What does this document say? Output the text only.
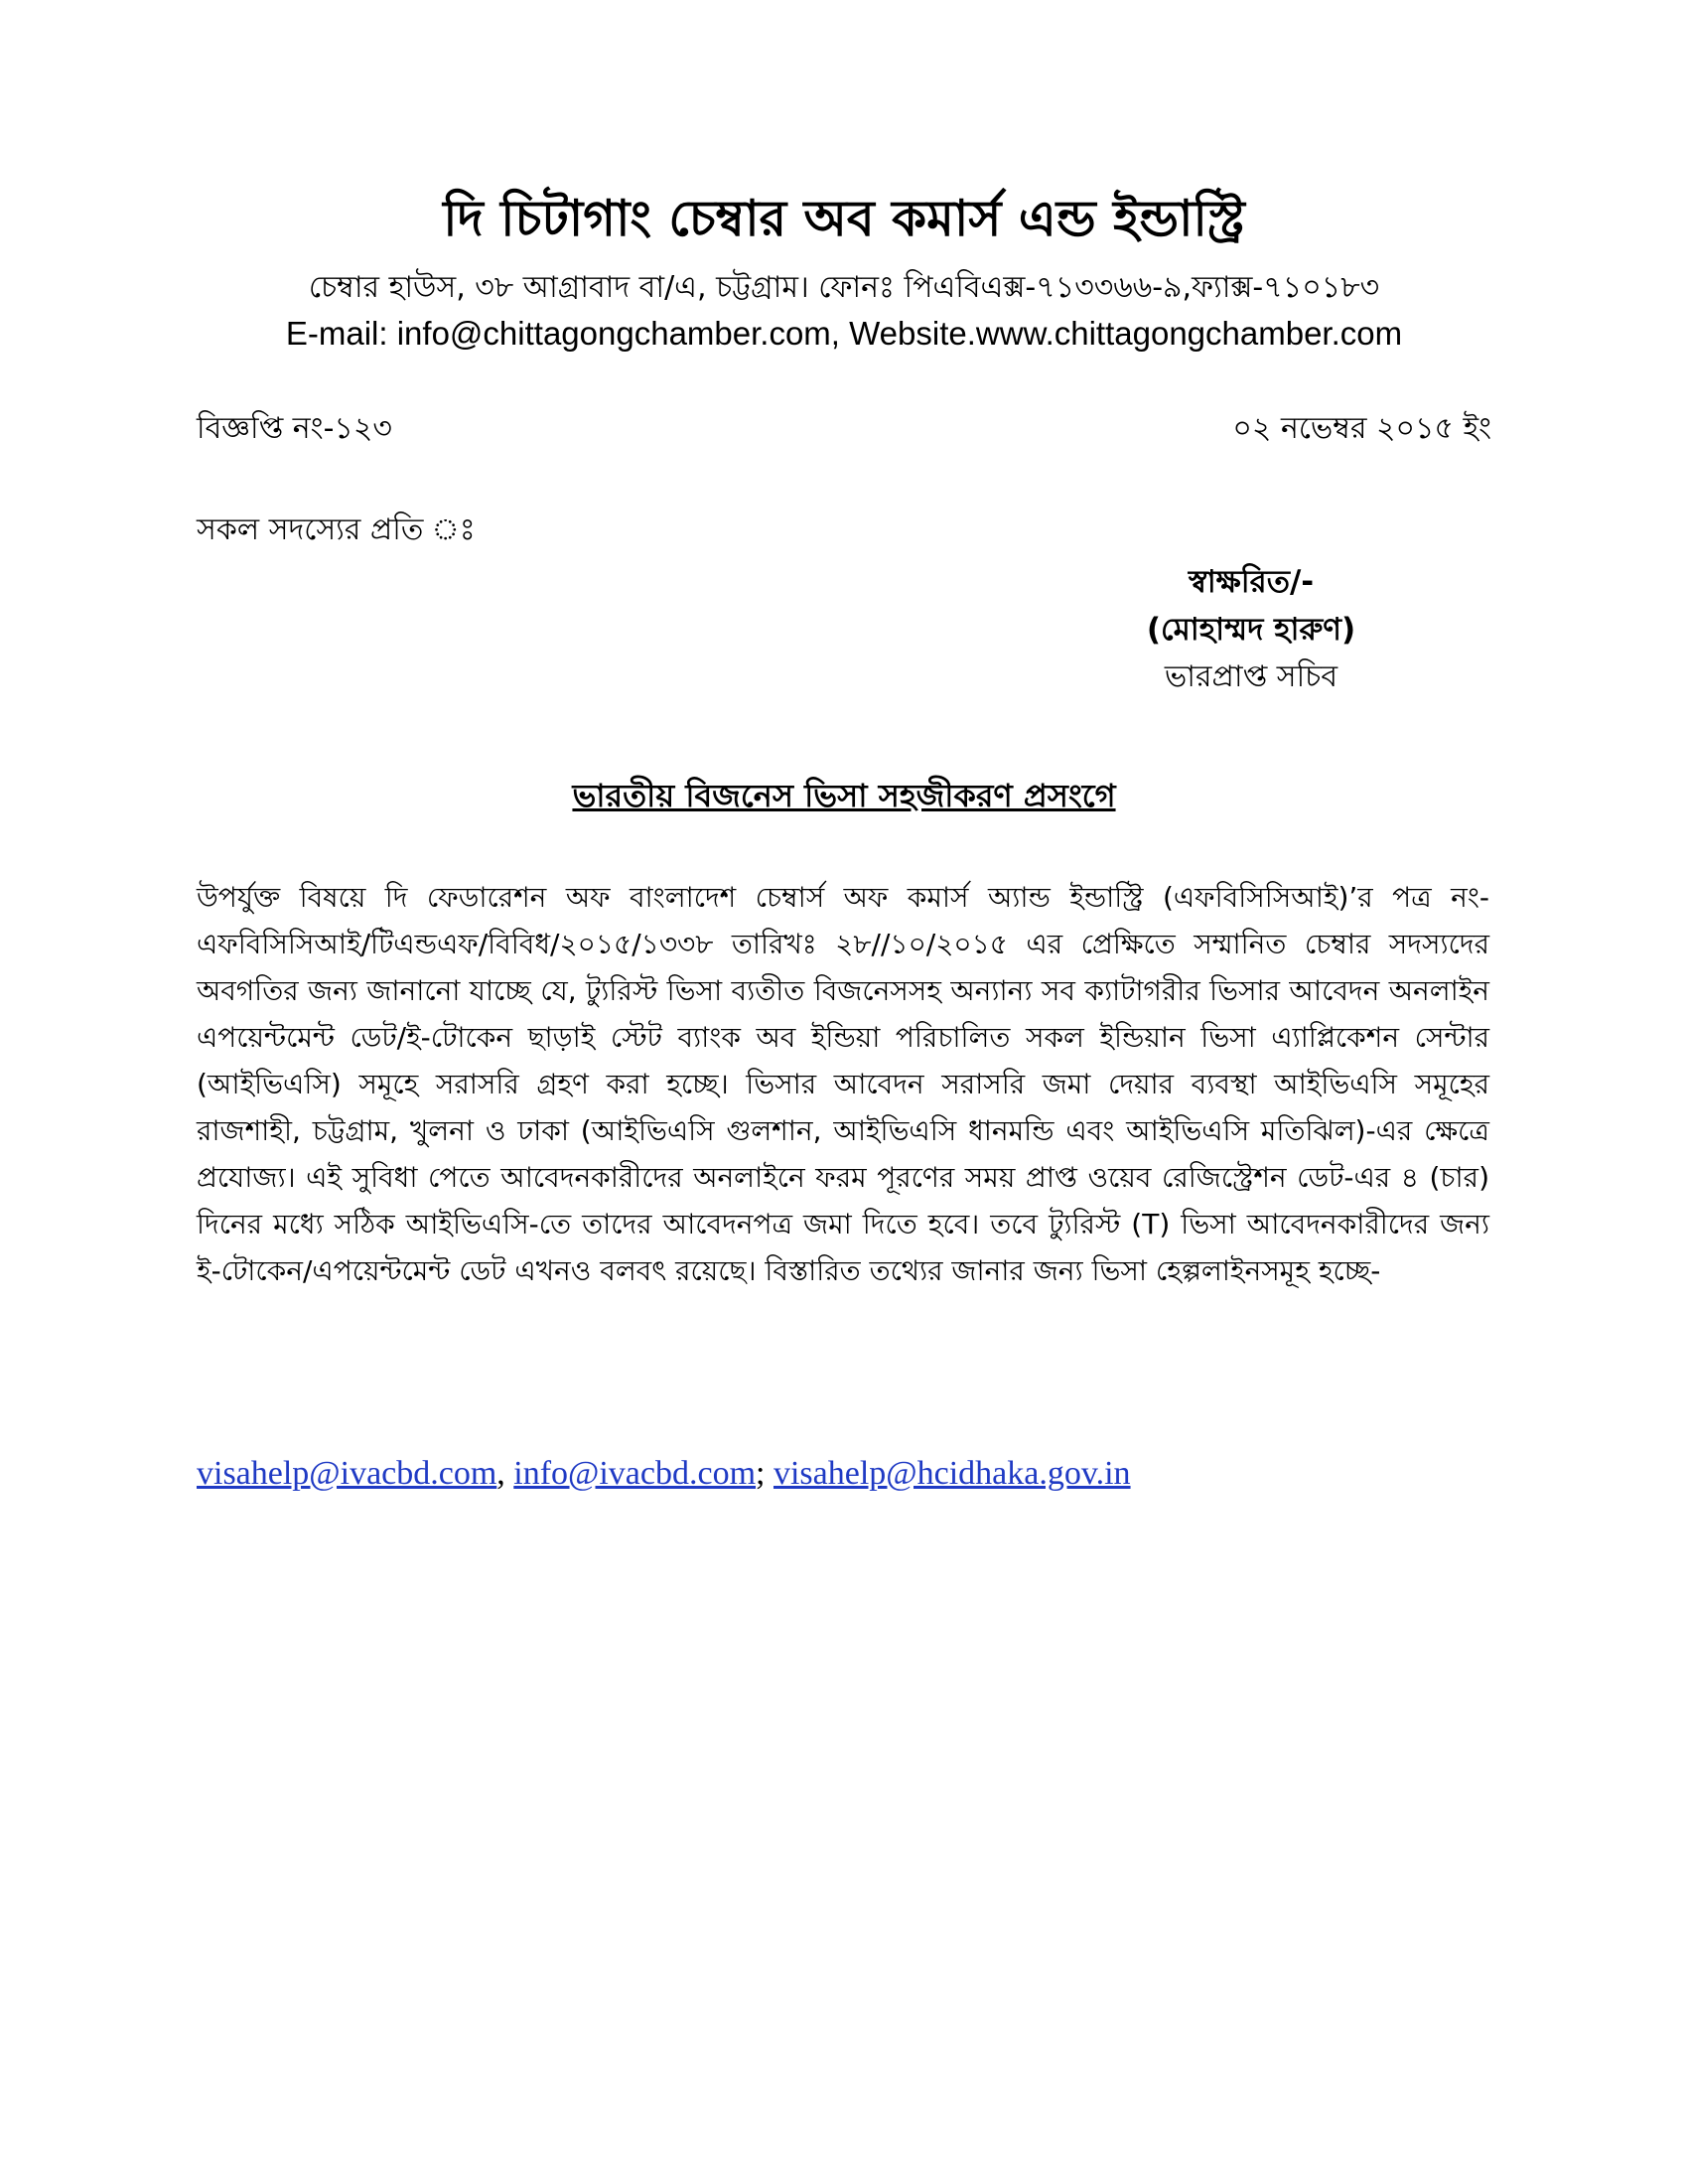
দি চিটাগাং চেম্বার অব কমার্স এন্ড ইন্ডাস্ট্রি
চেম্বার হাউস, ৩৮ আগ্রাবাদ বা/এ, চট্টগ্রাম। ফোনঃ পিএবিএক্স-৭১৩৩৬৬-৯,ফ্যাক্স-৭১০১৮৩
E-mail: info@chittagongchamber.com, Website.www.chittagongchamber.com
বিজ্ঞপ্তি নং-১২৩	০২ নভেম্বর ২০১৫ ইং
সকল সদস্যের প্রতি ঃ
স্বাক্ষরিত/-
(মোহাম্মদ হারুণ)
ভারপ্রাপ্ত সচিব
ভারতীয় বিজনেস ভিসা সহজীকরণ প্রসংগে
উপর্যুক্ত বিষয়ে দি ফেডারেশন অফ বাংলাদেশ চেম্বার্স অফ কমার্স অ্যান্ড ইন্ডাস্ট্রি (এফবিসিসিআই)’র পত্র নং-এফবিসিসিআই/টিএন্ডএফ/বিবিধ/২০১৫/১৩৩৮ তারিখঃ ২৮//১০/২০১৫ এর প্রেক্ষিতে সম্মানিত চেম্বার সদস্যদের অবগতির জন্য জানানো যাচ্ছে যে, ট্যুরিস্ট ভিসা ব্যতীত বিজনেসসহ অন্যান্য সব ক্যাটাগরীর ভিসার আবেদন অনলাইন এপয়েন্টমেন্ট ডেট/ই-টোকেন ছাড়াই স্টেট ব্যাংক অব ইন্ডিয়া পরিচালিত সকল ইন্ডিয়ান ভিসা এ্যাপ্লিকেশন সেন্টার (আইভিএসি) সমূহে সরাসরি গ্রহণ করা হচ্ছে। ভিসার আবেদন সরাসরি জমা দেয়ার ব্যবস্থা আইভিএসি সমূহের রাজশাহী, চট্টগ্রাম, খুলনা ও ঢাকা (আইভিএসি গুলশান, আইভিএসি ধানমন্ডি এবং আইভিএসি মতিঝিল)-এর ক্ষেত্রে প্রযোজ্য। এই সুবিধা পেতে আবেদনকারীদের অনলাইনে ফরম পূরণের সময় প্রাপ্ত ওয়েব রেজিস্ট্রেশন ডেট-এর ৪ (চার) দিনের মধ্যে সঠিক আইভিএসি-তে তাদের আবেদনপত্র জমা দিতে হবে। তবে ট্যুরিস্ট (T) ভিসা আবেদনকারীদের জন্য ই-টোকেন/এপয়েন্টমেন্ট ডেট এখনও বলবৎ রয়েছে। বিস্তারিত তথ্যের জানার জন্য ভিসা হেল্পলাইনসমূহ হচ্ছে-
visahelp@ivacbd.com, info@ivacbd.com; visahelp@hcidhaka.gov.in
